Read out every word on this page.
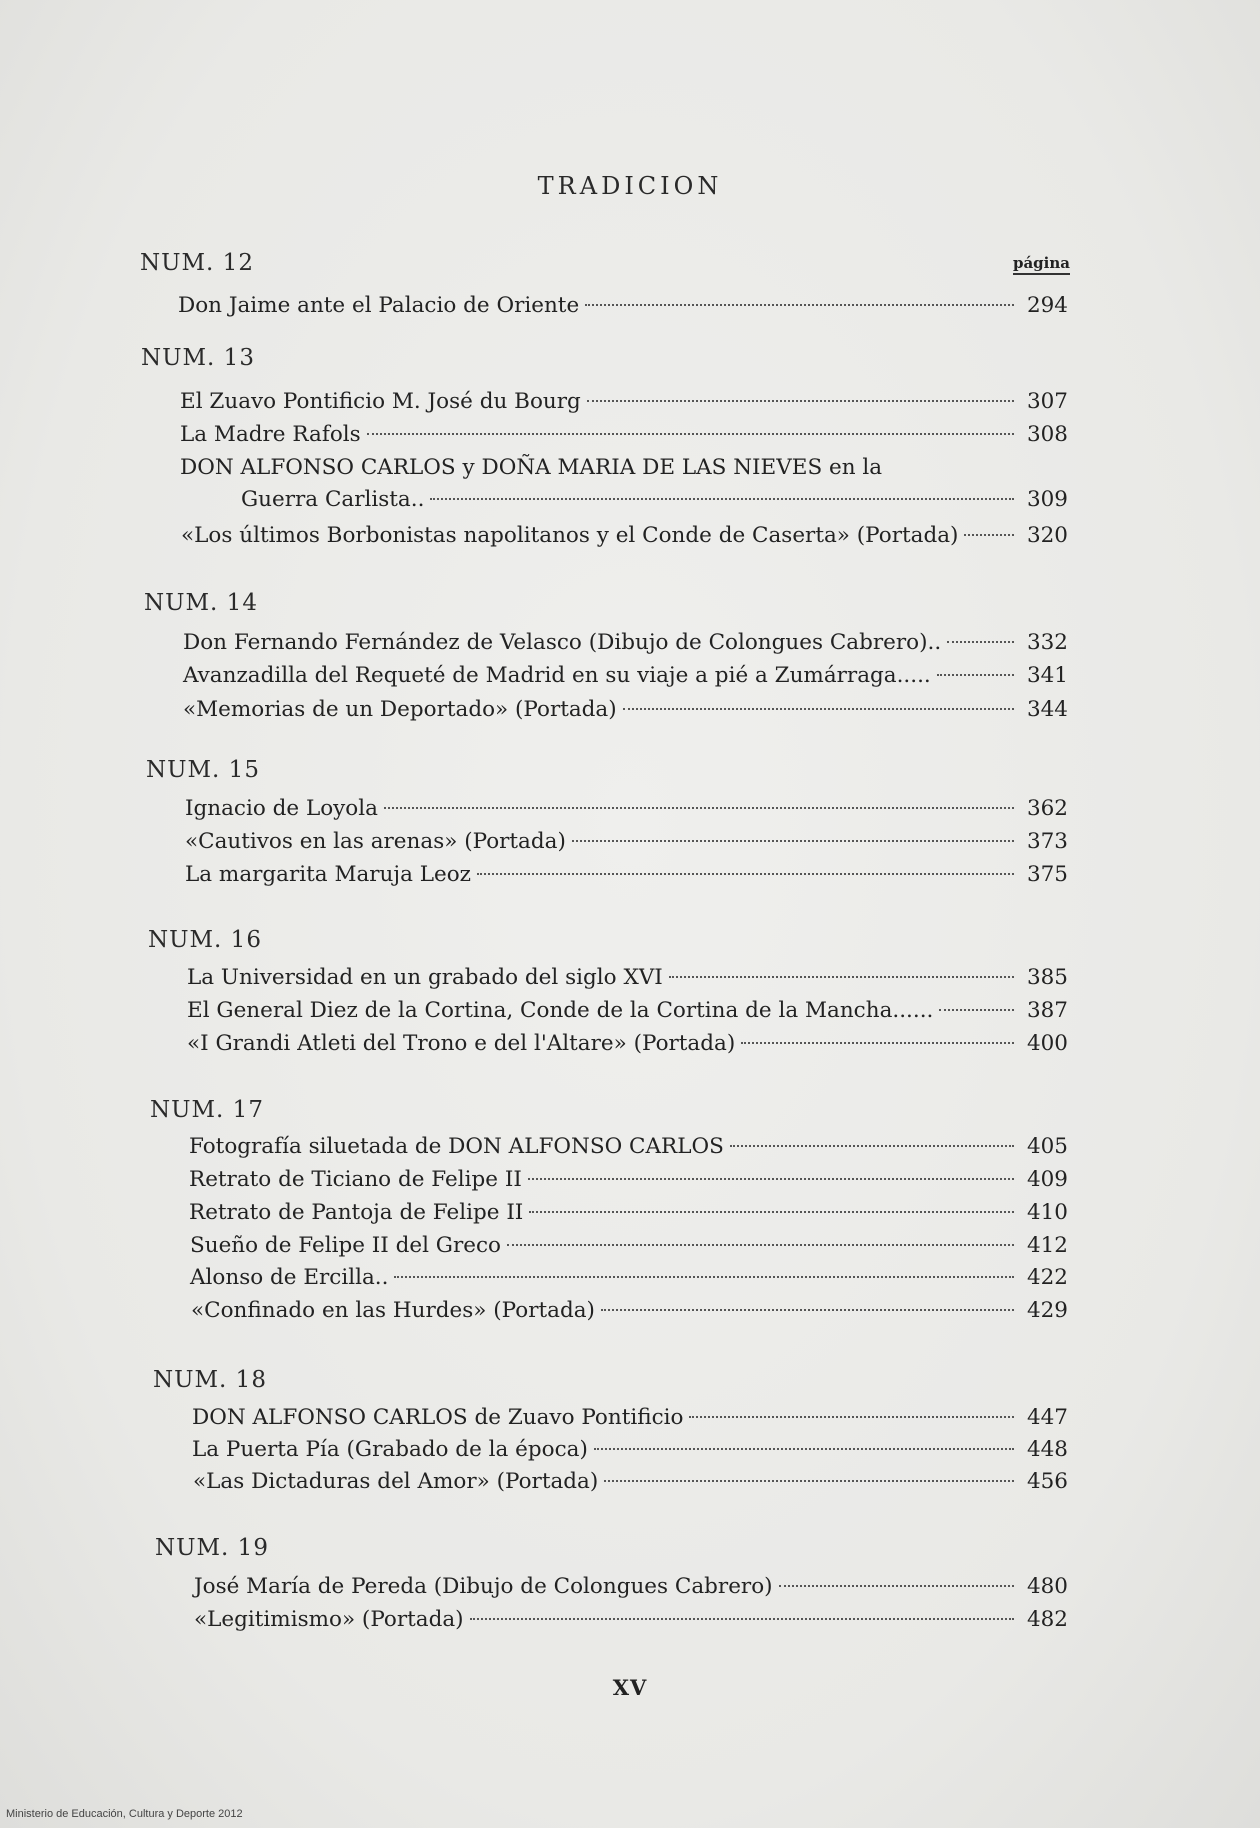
TRADICION
NUM. 12	página
Don Jaime ante el Palacio de Oriente	294
NUM. 13
El Zuavo Pontificio M. José du Bourg	307
La Madre Rafols	308
DON ALFONSO CARLOS y DOÑA MARIA DE LAS NIEVES en la
Guerra Carlista..	309
«Los últimos Borbonistas napolitanos y el Conde de Caserta» (Portada)	320
NUM. 14
Don Fernando Fernández de Velasco (Dibujo de Colongues Cabrero)..	332
Avanzadilla del Requeté de Madrid en su viaje a pié a Zumárraga.....	341
«Memorias de un Deportado» (Portada)	344
NUM. 15
Ignacio de Loyola	362
«Cautivos en las arenas» (Portada)	373
La margarita Maruja Leoz	375
NUM. 16
La Universidad en un grabado del siglo XVI	385
El General Diez de la Cortina, Conde de la Cortina de la Mancha......	387
«I Grandi Atleti del Trono e del l'Altare» (Portada)	400
NUM. 17
Fotografía siluetada de DON ALFONSO CARLOS	405
Retrato de Ticiano de Felipe II	409
Retrato de Pantoja de Felipe II	410
Sueño de Felipe II del Greco	412
Alonso de Ercilla..	422
«Confinado en las Hurdes» (Portada)	429
NUM. 18
DON ALFONSO CARLOS de Zuavo Pontificio	447
La Puerta Pía (Grabado de la época)	448
«Las Dictaduras del Amor» (Portada)	456
NUM. 19
José María de Pereda (Dibujo de Colongues Cabrero)	480
«Legitimismo» (Portada)	482
XV
Ministerio de Educación, Cultura y Deporte 2012
